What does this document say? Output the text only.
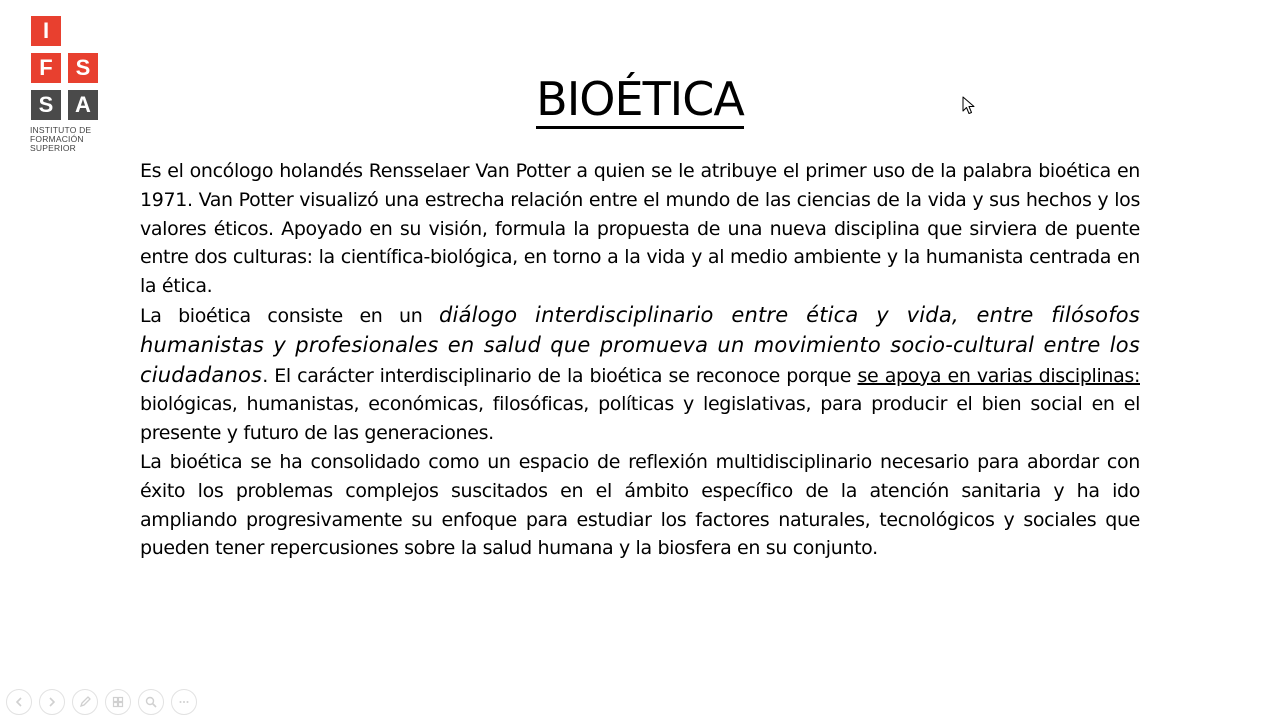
I
F	S
S A
INSTITUTO DE
FORMACIÓN
SUPERIOR
BIOÉTICA

Es el oncólogo holandés Rensselaer Van Potter a quien se le atribuye el primer uso de la palabra bioética en 1971. Van Potter visualizó una estrecha relación entre el mundo de las ciencias de la vida y sus hechos y los valores éticos. Apoyado en su visión, formula la propuesta de una nueva disciplina que sirviera de puente entre dos culturas: la científica-biológica, en torno a la vida y al medio ambiente y la humanista centrada en la ética.

La bioética consiste en un diálogo interdisciplinario entre ética y vida, entre filósofos humanistas y profesionales en salud que promueva un movimiento socio-cultural entre los ciudadanos. El carácter interdisciplinario de la bioética se reconoce porque se apoya en varias disciplinas: biológicas, humanistas, económicas, filosóficas, políticas y legislativas, para producir el bien social en el presente y futuro de las generaciones.

La bioética se ha consolidado como un espacio de reflexión multidisciplinario necesario para abordar con éxito los problemas complejos suscitados en el ámbito específico de la atención sanitaria y ha ido ampliando progresivamente su enfoque para estudiar los factores naturales, tecnológicos y sociales que pueden tener repercusiones sobre la salud humana y la biosfera en su conjunto.
